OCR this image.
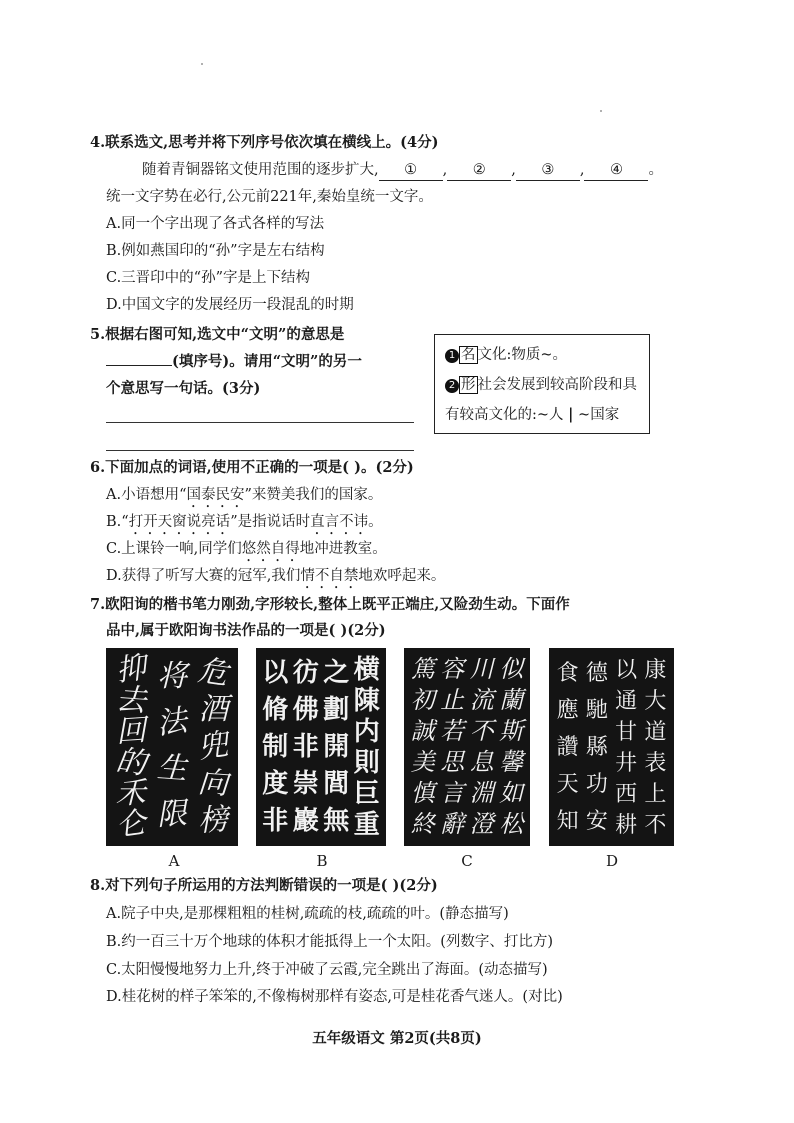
4.联系选文,思考并将下列序号依次填在横线上。(4分)
随着青铜器铭文使用范围的逐步扩大, ① , ② , ③ , ④ 。
统一文字势在必行,公元前221年,秦始皇统一文字。
A.同一个字出现了各式各样的写法
B.例如燕国印的“孙”字是左右结构
C.三晋印中的“孙”字是上下结构
D.中国文字的发展经历一段混乱的时期
5.根据右图可知,选文中“文明”的意思是
(填序号)。请用“文明”的另一
个意思写一句话。(3分)
1 名 文化:物质~。
2 形 社会发展到较高阶段和具
有较高文化的:~人 | ~国家
6.下面加点的词语,使用不正确的一项是( )。(2分)
A.小语想用“国泰民安”来赞美我们的国家。
B.“打开天窗说亮话”是指说话时直言不讳。
C.上课铃一响,同学们悠然自得地冲进教室。
D.获得了听写大赛的冠军,我们情不自禁地欢呼起来。
7.欧阳询的楷书笔力刚劲,字形较长,整体上既平正端庄,又险劲生动。下面作
品中,属于欧阳询书法作品的一项是( )(2分)
抑
去
回
的
禾
仑
将
法
生
限
危
酒
兜
向
榜
以
脩
制
度
非
彷
佛
非
崇
巖
之
劃
開
閭
無
横
陳
内
則
巨
重
篤
初
誠
美
慎
終
容
止
若
思
言
辭
川
流
不
息
淵
澄
似
蘭
斯
馨
如
松
食
應
讚
天
知
德
馳
縣
功
安
以
通
甘
井
西
耕
康
大
道
表
上
不
A	B	C	D
8.对下列句子所运用的方法判断错误的一项是( )(2分)
A.院子中央,是那棵粗粗的桂树,疏疏的枝,疏疏的叶。(静态描写)
B.约一百三十万个地球的体积才能抵得上一个太阳。(列数字、打比方)
C.太阳慢慢地努力上升,终于冲破了云霞,完全跳出了海面。(动态描写)
D.桂花树的样子笨笨的,不像梅树那样有姿态,可是桂花香气迷人。(对比)
五年级语文 第2页(共8页)
